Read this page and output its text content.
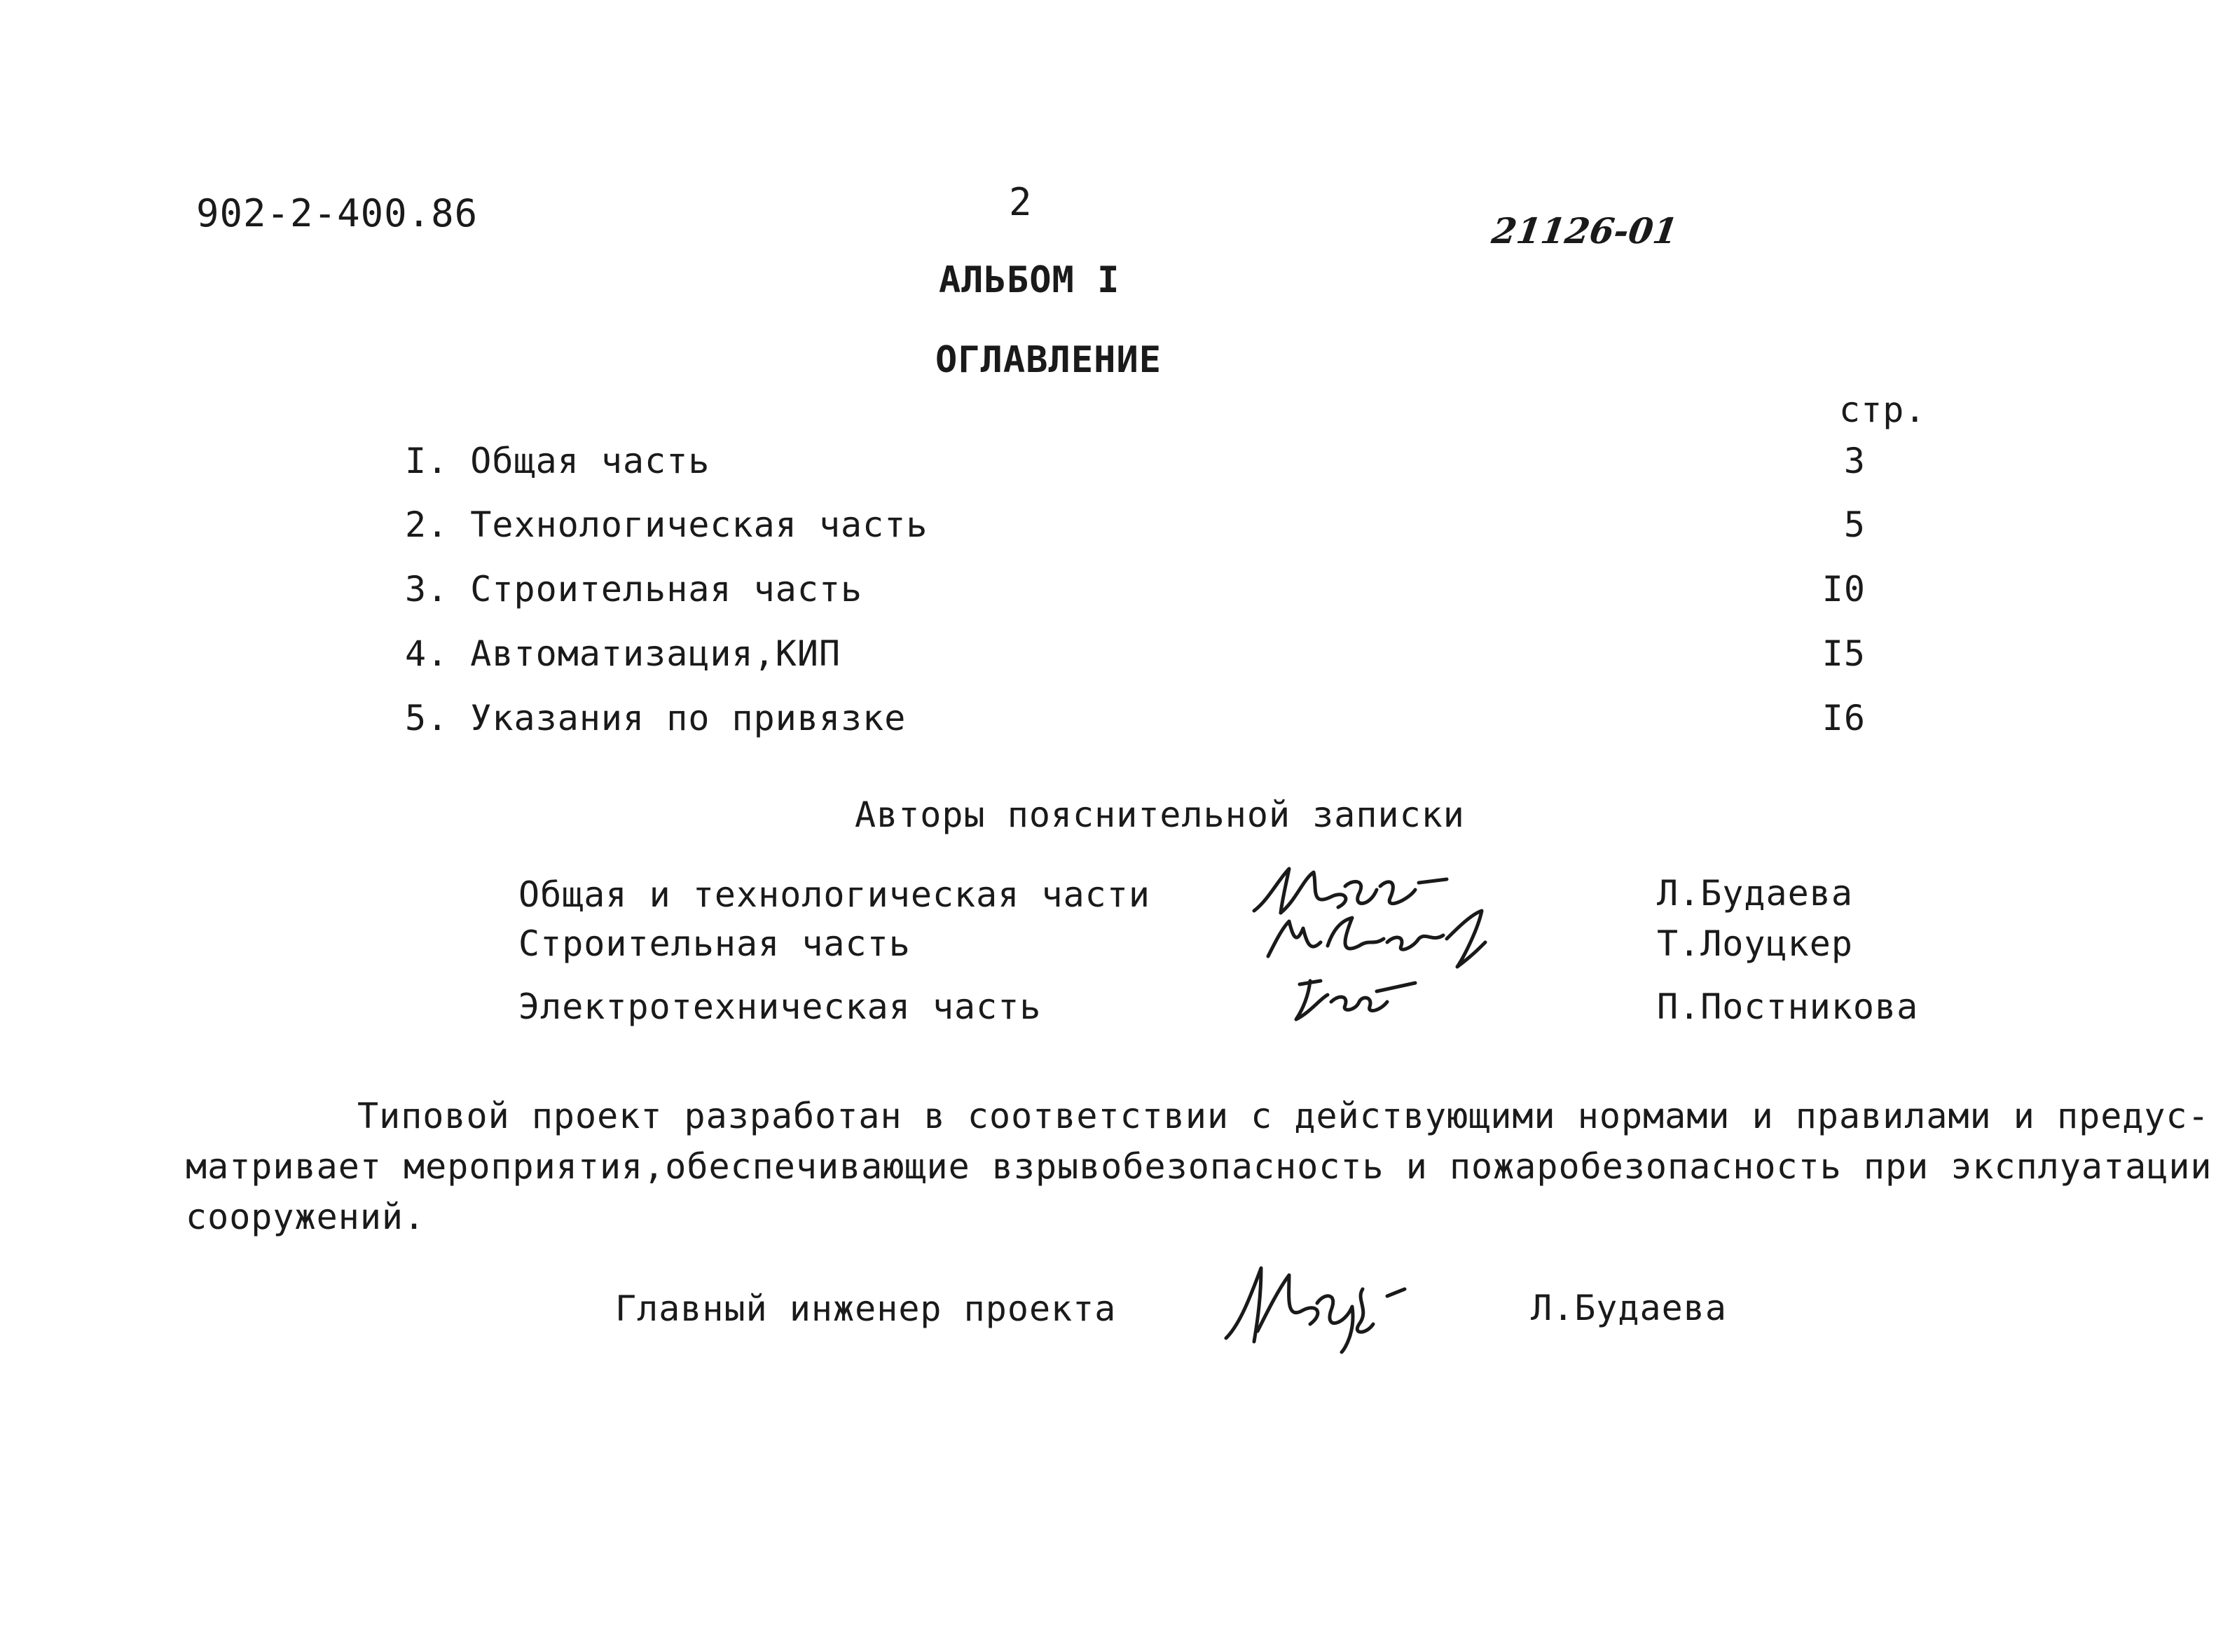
902-2-400.86	2
21126-01
АЛЬБОМ I
ОГЛАВЛЕНИЕ
стр.
I. Общая часть	3
2. Технологическая часть	5
3. Строительная часть	I0
4. Автоматизация,КИП	I5
5. Указания по привязке	I6
Авторы пояснительной записки
Общая и технологическая части	Л.Будаева
Строительная часть	Т.Лоуцкер
Электротехническая часть	П.Постникова
Типовой проект разработан в соответствии с действующими нормами и правилами и предус-
матривает мероприятия,обеспечивающие взрывобезопасность и пожаробезопасность при эксплуатации
сооружений.
Главный инженер проекта	Л.Будаева
